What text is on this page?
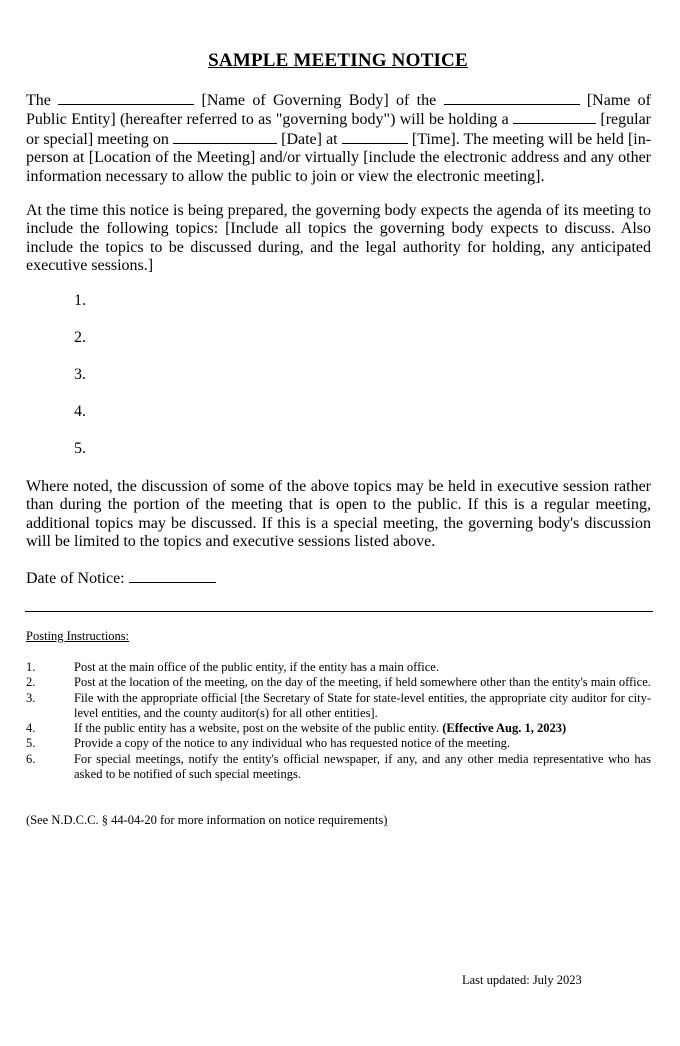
SAMPLE MEETING NOTICE
The	[Name of Governing Body] of the	[Name of Public Entity] (hereafter referred to as "governing body") will be holding a	[regular or special] meeting on	[Date] at	[Time]. The meeting will be held [in-person at [Location of the Meeting] and/or virtually [include the electronic address and any other information necessary to allow the public to join or view the electronic meeting].
At the time this notice is being prepared, the governing body expects the agenda of its meeting to include the following topics: [Include all topics the governing body expects to discuss. Also include the topics to be discussed during, and the legal authority for holding, any anticipated executive sessions.]
1.
2.
3.
4.
5.
Where noted, the discussion of some of the above topics may be held in executive session rather than during the portion of the meeting that is open to the public. If this is a regular meeting, additional topics may be discussed. If this is a special meeting, the governing body's discussion will be limited to the topics and executive sessions listed above.
Date of Notice:
Posting Instructions:
1.	Post at the main office of the public entity, if the entity has a main office.
2.	Post at the location of the meeting, on the day of the meeting, if held somewhere other than the entity's main office.
3.	File with the appropriate official [the Secretary of State for state-level entities, the appropriate city auditor for city-level entities, and the county auditor(s) for all other entities].
4.	If the public entity has a website, post on the website of the public entity. (Effective Aug. 1, 2023)
5.	Provide a copy of the notice to any individual who has requested notice of the meeting.
6.	For special meetings, notify the entity's official newspaper, if any, and any other media representative who has asked to be notified of such special meetings.
(See N.D.C.C. § 44-04-20 for more information on notice requirements)
Last updated: July 2023
